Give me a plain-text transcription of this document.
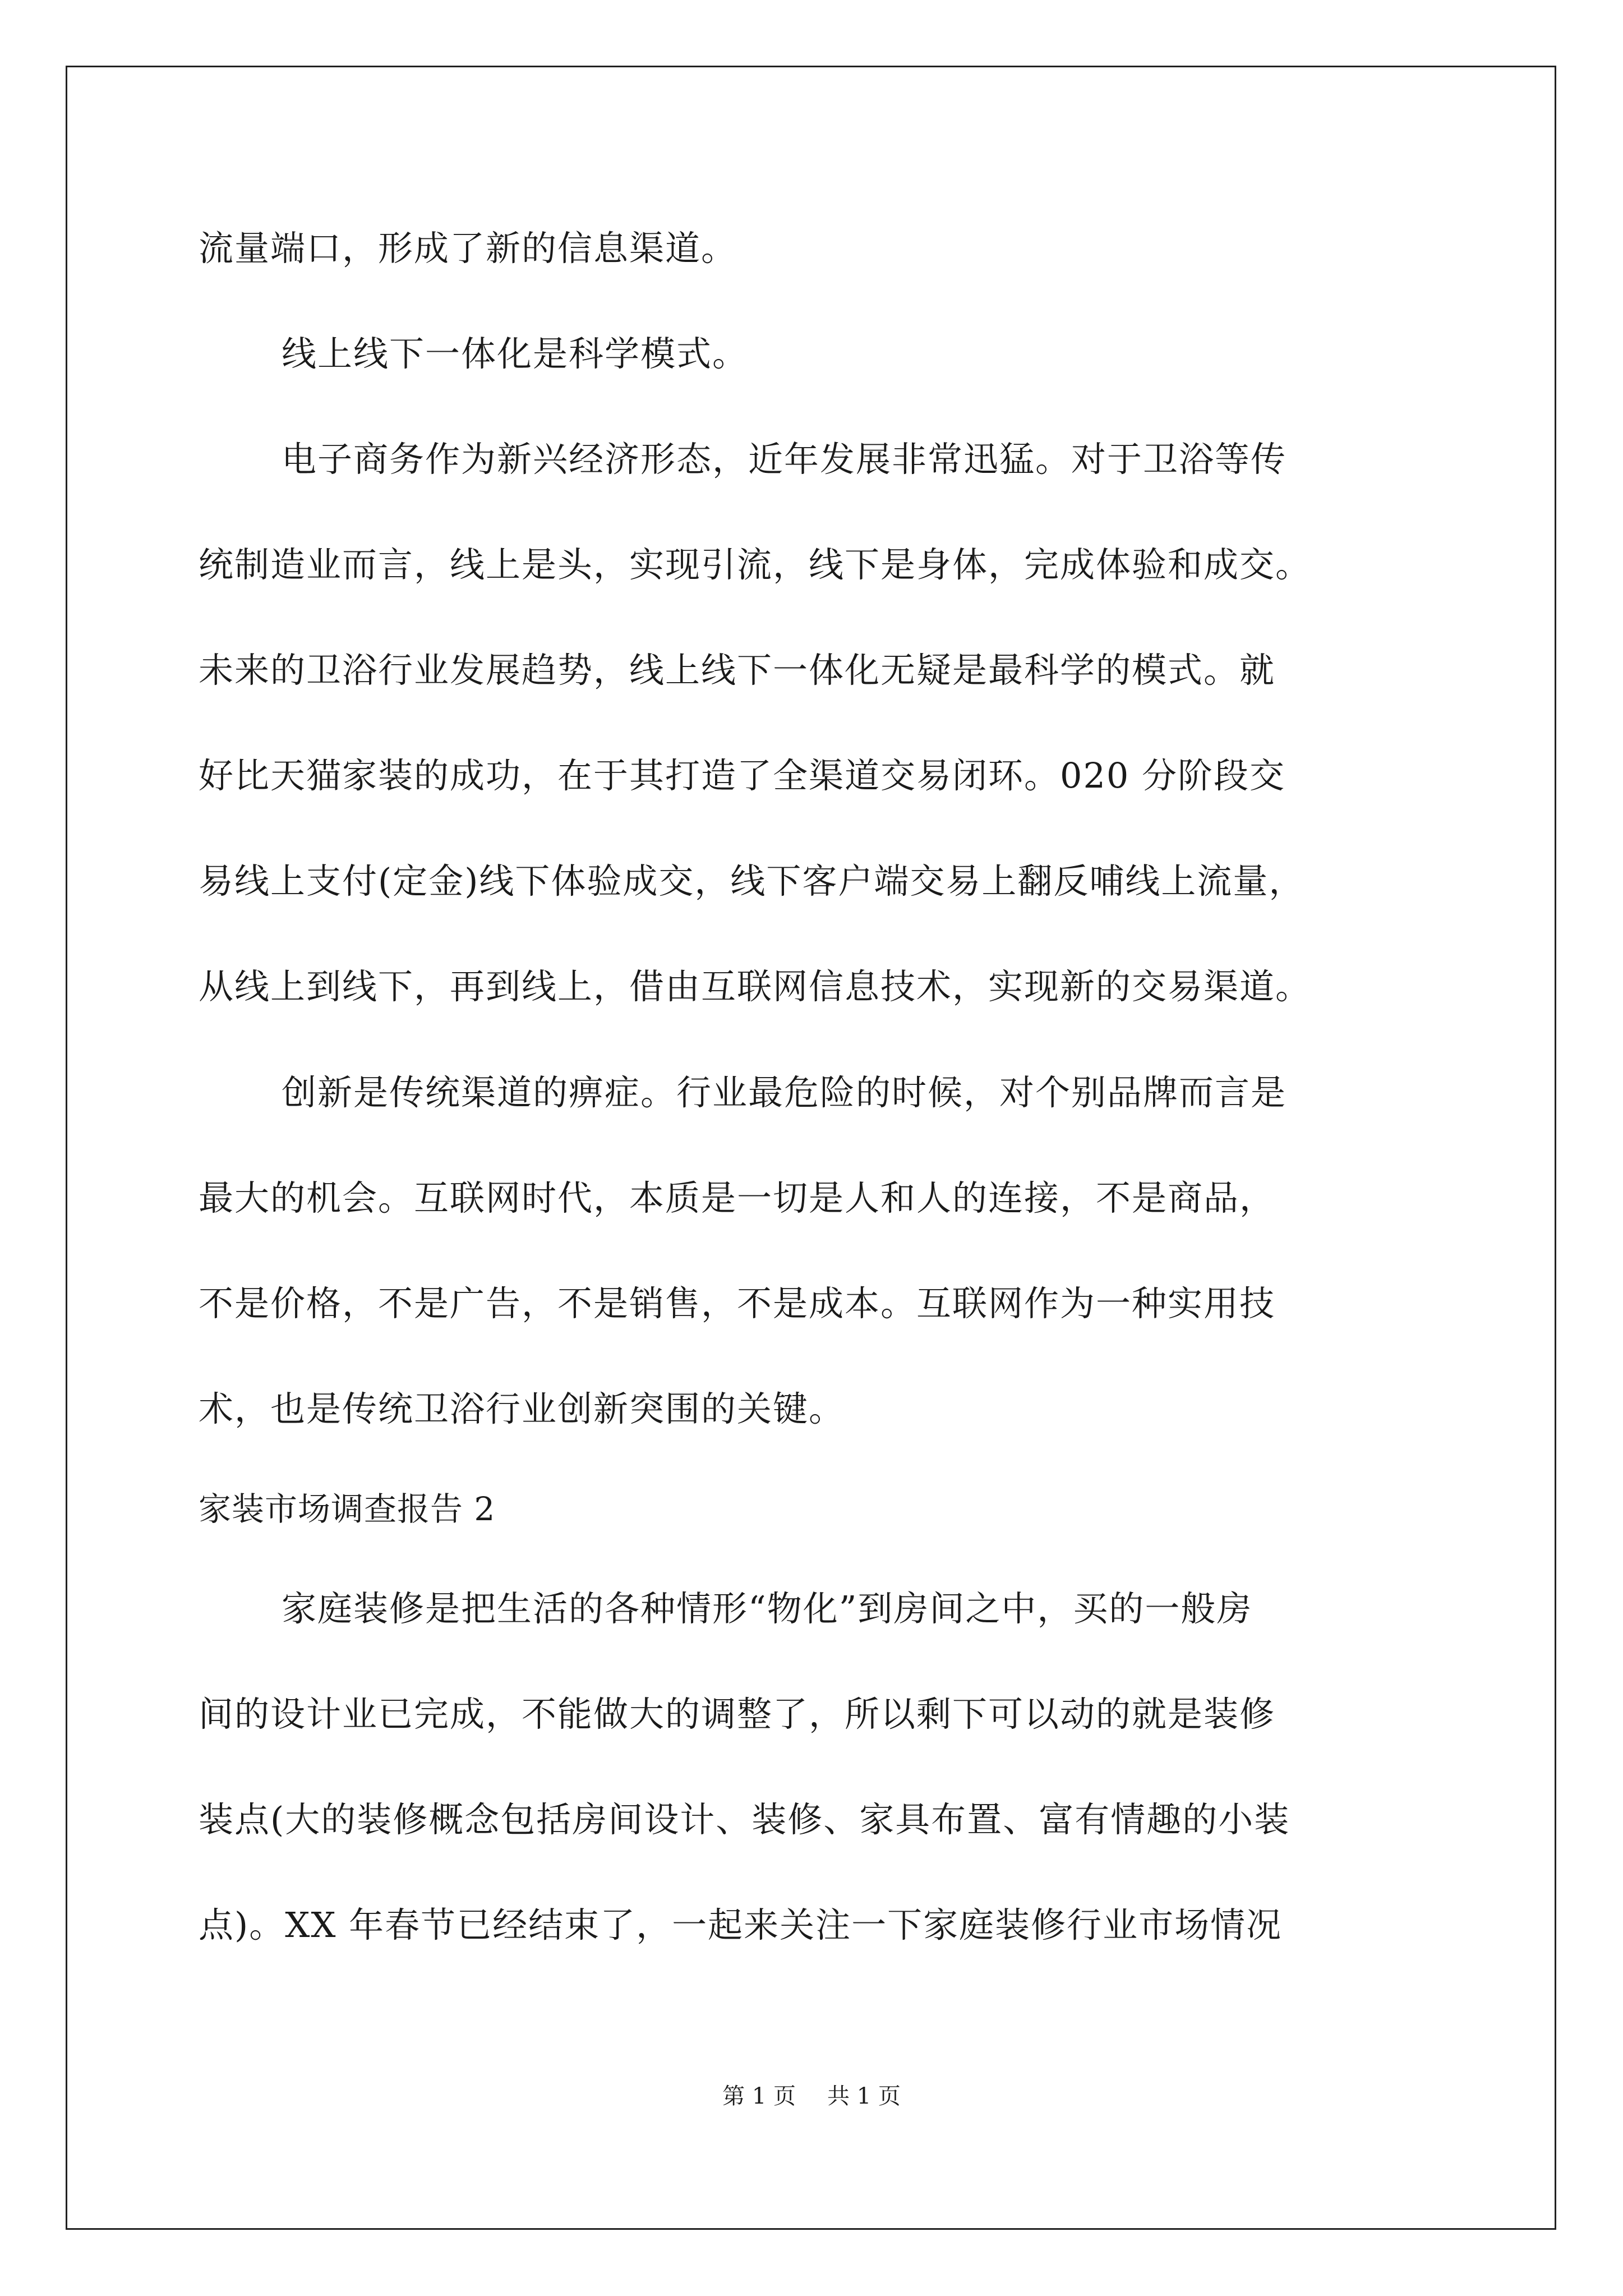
流量端口，形成了新的信息渠道。
线上线下一体化是科学模式。
电子商务作为新兴经济形态，近年发展非常迅猛。对于卫浴等传
统制造业而言，线上是头，实现引流，线下是身体，完成体验和成交。
未来的卫浴行业发展趋势，线上线下一体化无疑是最科学的模式。就
好比天猫家装的成功，在于其打造了全渠道交易闭环。020 分阶段交
易线上支付(定金)线下体验成交，线下客户端交易上翻反哺线上流量，
从线上到线下，再到线上，借由互联网信息技术，实现新的交易渠道。
创新是传统渠道的痹症。行业最危险的时候，对个别品牌而言是
最大的机会。互联网时代，本质是一切是人和人的连接，不是商品，
不是价格，不是广告，不是销售，不是成本。互联网作为一种实用技
术，也是传统卫浴行业创新突围的关键。
家装市场调查报告 2
家庭装修是把生活的各种情形“物化”到房间之中，买的一般房
间的设计业已完成，不能做大的调整了，所以剩下可以动的就是装修
装点(大的装修概念包括房间设计、装修、家具布置、富有情趣的小装
点)。XX 年春节已经结束了，一起来关注一下家庭装修行业市场情况
第 1 页 共 1 页
